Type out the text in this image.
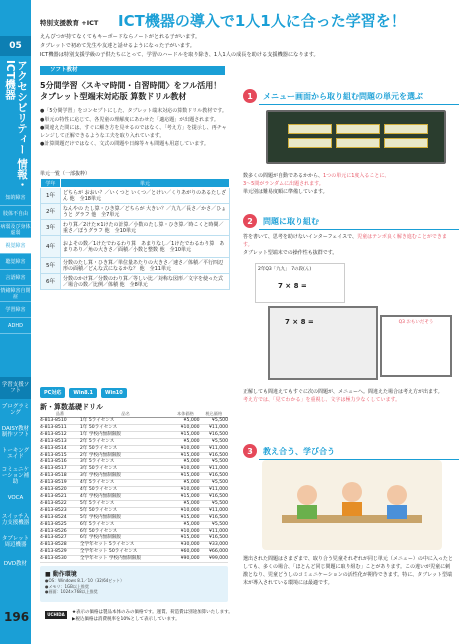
05
アクセシビリティー 情報・ICT機器
知的障害
肢体不自由
病弱及び身体虚弱
視覚障害
聴覚障害
言語障害
情緒障害自閉症
学習障害
ADHD
学習支援ソフト
プログラミング
DAISY教材制作ソフト
トーキングエイド
コミュニケーション補助
VOCA
スイッチ入力支援機器
タブレット周辺機器
DVD教材
196
特別支援教育 +ICT ICT機器の導入で1人1人に合った学習を！
えんぴつが持てなくてもキーボードならノートがとれる子がいます。
タブレットで初めて先生や友達と話せるようになった子がいます。
ICT機器は特別支援学級の子供たちにとって、学習のハードルを取り除き、1人1人の成長を助ける支援機器になります。
ソフト教材
5分間学習〈スキマ時間・自習時間〉をフル活用！
タブレット型端末対応版 算数ドリル教材

●「5分間学習」をコンセプトにした、タブレット端末対応の算数ドリル教材です。

●単元の特性に応じて、各児童の理解度にあわせた「適応題」が出題されます。

●間違えた問には、すぐに解き方を見せるのではなく、「考え方」を提示し、再チャレンジして正解できるような工夫を取り入れています。

●計算問題だけではなく、文式の問題や日線等々も問題も用意しています。

単元一覧（一部抜粋）
学年	単元
1年	どちらが おおい？／いくつと いくつ／とけい／くりあがりのあるたしざん 他　全18単元
2年	なんやの たし算・ひき算／どちらが 大きい？／九九／長さ／かさ／ひょうと グラフ 他　全7単元
3年	わり算／2けた×1けたの計算／小数のたし算・ひき算／時こくと時間／重さ／ぼうグラフ 他　全10単元
4年	およその数／1けたでわるわり算　あまりなし／1けたでわるわり算　あまりあり／角の大きさ／面積／小数と整数 他　全10単元
5年	分数のたし算・ひき算／単位量あたりの大きさ／速さ／体積／平行四辺形の面積／どんな式になるかな？ 他　全11単元
6年	分数のかけ算／分数のわり算／等しい比／対称な図形／文字を使った式／場合の数／比例／体積 他　全8単元
PC対応	Win8.1	Win10
新・算数基礎ドリル
品番	品名	本体価格	税込価格
4-813-8510	1年 5ライセンス	¥5,000	¥5,500
4-813-8511	1年 50ライセンス	¥10,000	¥11,000
4-813-8512	1年 学校内無制限版	¥15,000	¥16,500
4-813-8513	2年 5ライセンス	¥5,000	¥5,500
4-813-8514	2年 50ライセンス	¥10,000	¥11,000
4-813-8515	2年 学校内無制限版	¥15,000	¥16,500
4-813-8516	3年 5ライセンス	¥5,000	¥5,500
4-813-8517	3年 50ライセンス	¥10,000	¥11,000
4-813-8518	3年 学校内無制限版	¥15,000	¥16,500
4-813-8519	4年 5ライセンス	¥5,000	¥5,500
4-813-8520	4年 50ライセンス	¥10,000	¥11,000
4-813-8521	4年 学校内無制限版	¥15,000	¥16,500
4-813-8522	5年 5ライセンス	¥5,000	¥5,500
4-813-8523	5年 50ライセンス	¥10,000	¥11,000
4-813-8524	5年 学校内無制限版	¥15,000	¥16,500
4-813-8525	6年 5ライセンス	¥5,000	¥5,500
4-813-8526	6年 50ライセンス	¥10,000	¥11,000
4-813-8527	6年 学校内無制限版	¥15,000	¥16,500
4-813-8528	全学年セット 5ライセンス	¥30,000	¥33,000
4-813-8529	全学年セット 50ライセンス	¥60,000	¥66,000
4-813-8530	全学年セット 学校内無制限版	¥90,000	¥99,000
■ 動作環境
●OS：Windows 8.1／10（32/64ビット）
●メモリ：1GB以上推奨
●画面：1024×768以上推奨
UCHIDA	★表示の価格は製品本体のみの価格です。運賃、荷造費は別途加算いたします。
▶税込価格は消費税率を10%として表示しています。
1	メニュー画面から取り組む問題の単元を選ぶ
数多くの問題が自動であるかから、1つの単元に1度入ることに、
3〜5問がランダムに出題されます。
単元別は難易度順に準備しています。
2	問題に取り組む
答を書いて、思考を助けないインターフェイスで、児童はテンポ良く解き進むことができます。
タブレット型端末での操作性も抜群です。
2年Q3「九九」 7の段(ん)
7 × 8 =
7 × 8 =	Q3 おもいだそう
正解しても間違えてもすぐに次の問題が、メニューへ。間違えた場合は考え方が出ます。
考え方では、「見てわかる」を重視し、文字は極力少なくしています。
3	教え合う、学び合う
選出された問題はさまざまで、取り合う児童それぞれが同じ単元（メニュー）の中に入ったとしても、多くの場合、「ほとんど同じ問題に取り組む」ことがあります。この違いが児童に刺激となり、児童どうしのコミュニケーションの活性化が期待できます。特に、タブレット型端末が導入されている環境には最適です。
